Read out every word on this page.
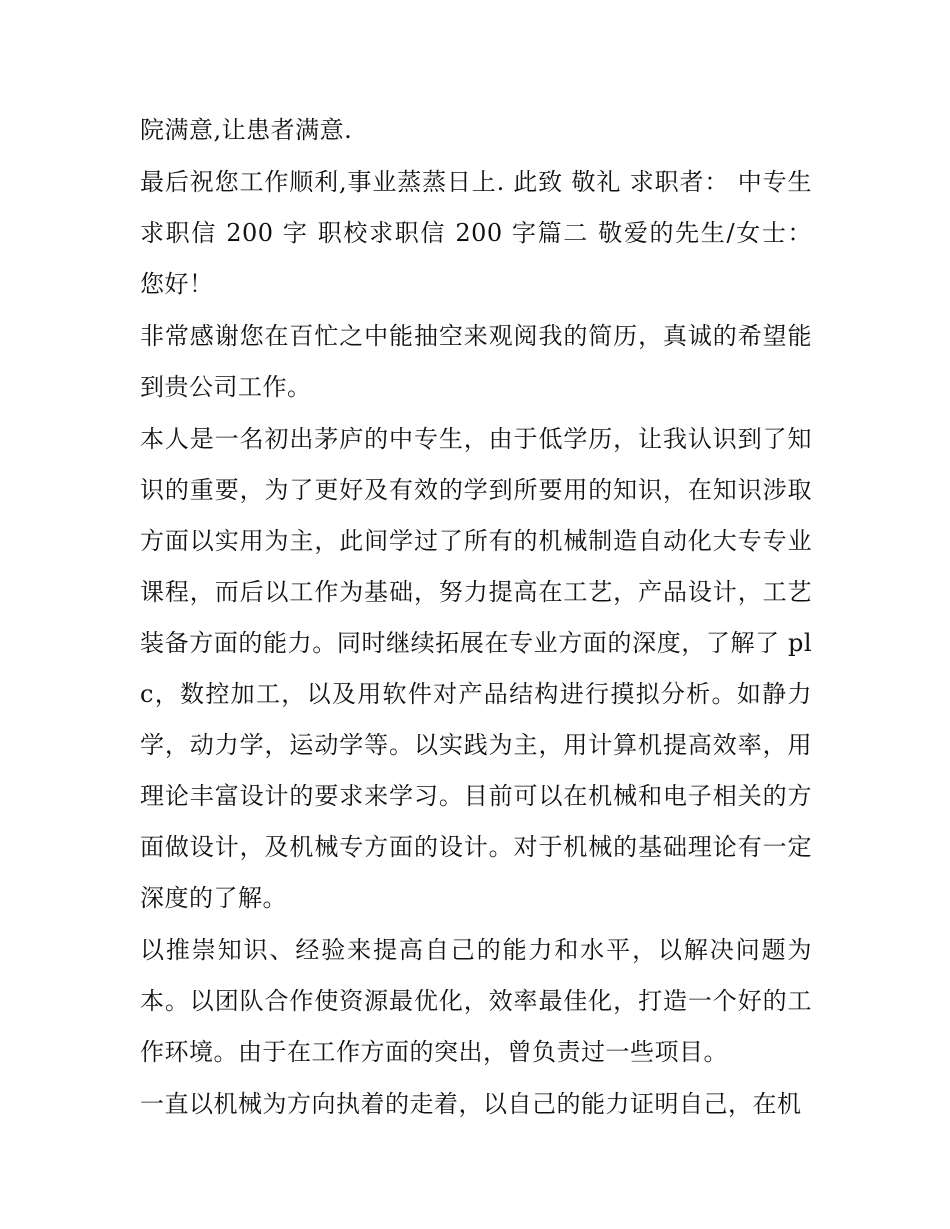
院满意,让患者满意.

最后祝您工作顺利,事业蒸蒸日上. 此致 敬礼 求职者： 中专生求职信 200 字 职校求职信 200 字篇二 敬爱的先生/女士： 您好！

非常感谢您在百忙之中能抽空来观阅我的简历，真诚的希望能到贵公司工作。

本人是一名初出茅庐的中专生，由于低学历，让我认识到了知识的重要，为了更好及有效的学到所要用的知识，在知识涉取方面以实用为主，此间学过了所有的机械制造自动化大专专业课程，而后以工作为基础，努力提高在工艺，产品设计，工艺装备方面的能力。同时继续拓展在专业方面的深度，了解了 plc，数控加工，以及用软件对产品结构进行摸拟分析。如静力学，动力学，运动学等。以实践为主，用计算机提高效率，用理论丰富设计的要求来学习。目前可以在机械和电子相关的方面做设计，及机械专方面的设计。对于机械的基础理论有一定深度的了解。

以推崇知识、经验来提高自己的能力和水平，以解决问题为本。以团队合作使资源最优化，效率最佳化，打造一个好的工作环境。由于在工作方面的突出，曾负责过一些项目。

一直以机械为方向执着的走着，以自己的能力证明自己，在机
